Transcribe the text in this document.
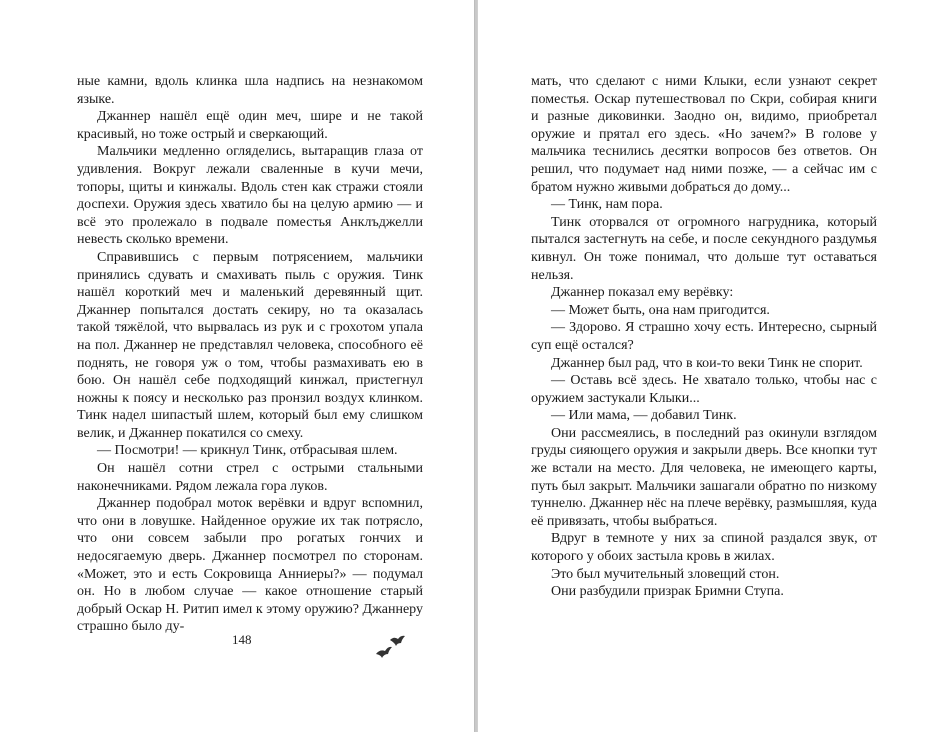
ные камни, вдоль клинка шла надпись на незнакомом языке.

Джаннер нашёл ещё один меч, шире и не такой красивый, но тоже острый и сверкающий.

Мальчики медленно огляделись, вытаращив глаза от удивления. Вокруг лежали сваленные в кучи мечи, топоры, щиты и кинжалы. Вдоль стен как стражи стояли доспехи. Оружия здесь хватило бы на целую армию — и всё это пролежало в подвале поместья Анклъджелли невесть сколько времени.

Справившись с первым потрясением, мальчики принялись сдувать и смахивать пыль с оружия. Тинк нашёл короткий меч и маленький деревянный щит. Джаннер попытался достать секиру, но та оказалась такой тяжёлой, что вырвалась из рук и с грохотом упала на пол. Джаннер не представлял человека, способного её поднять, не говоря уж о том, чтобы размахивать ею в бою. Он нашёл себе подходящий кинжал, пристегнул ножны к поясу и несколько раз пронзил воздух клинком. Тинк надел шипастый шлем, который был ему слишком велик, и Джаннер покатился со смеху.

— Посмотри! — крикнул Тинк, отбрасывая шлем.

Он нашёл сотни стрел с острыми стальными наконечниками. Рядом лежала гора луков.

Джаннер подобрал моток верёвки и вдруг вспомнил, что они в ловушке. Найденное оружие их так потрясло, что они совсем забыли про рогатых гончих и недосягаемую дверь. Джаннер посмотрел по сторонам. «Может, это и есть Сокровища Анниеры?» — подумал он. Но в любом случае — какое отношение старый добрый Оскар Н. Ритип имел к этому оружию? Джаннеру страшно было ду-

148

мать, что сделают с ними Клыки, если узнают секрет поместья. Оскар путешествовал по Скри, собирая книги и разные диковинки. Заодно он, видимо, приобретал оружие и прятал его здесь. «Но зачем?» В голове у мальчика теснились десятки вопросов без ответов. Он решил, что подумает над ними позже, — а сейчас им с братом нужно живыми добраться до дому...

— Тинк, нам пора.

Тинк оторвался от огромного нагрудника, который пытался застегнуть на себе, и после секундного раздумья кивнул. Он тоже понимал, что дольше тут оставаться нельзя.

Джаннер показал ему верёвку:

— Может быть, она нам пригодится.

— Здорово. Я страшно хочу есть. Интересно, сырный суп ещё остался?

Джаннер был рад, что в кои-то веки Тинк не спорит.

— Оставь всё здесь. Не хватало только, чтобы нас с оружием застукали Клыки...

— Или мама, — добавил Тинк.

Они рассмеялись, в последний раз окинули взглядом груды сияющего оружия и закрыли дверь. Все кнопки тут же встали на место. Для человека, не имеющего карты, путь был закрыт. Мальчики зашагали обратно по низкому туннелю. Джаннер нёс на плече верёвку, размышляя, куда её привязать, чтобы выбраться.

Вдруг в темноте у них за спиной раздался звук, от которого у обоих застыла кровь в жилах.

Это был мучительный зловещий стон.

Они разбудили призрак Бримни Ступа.
